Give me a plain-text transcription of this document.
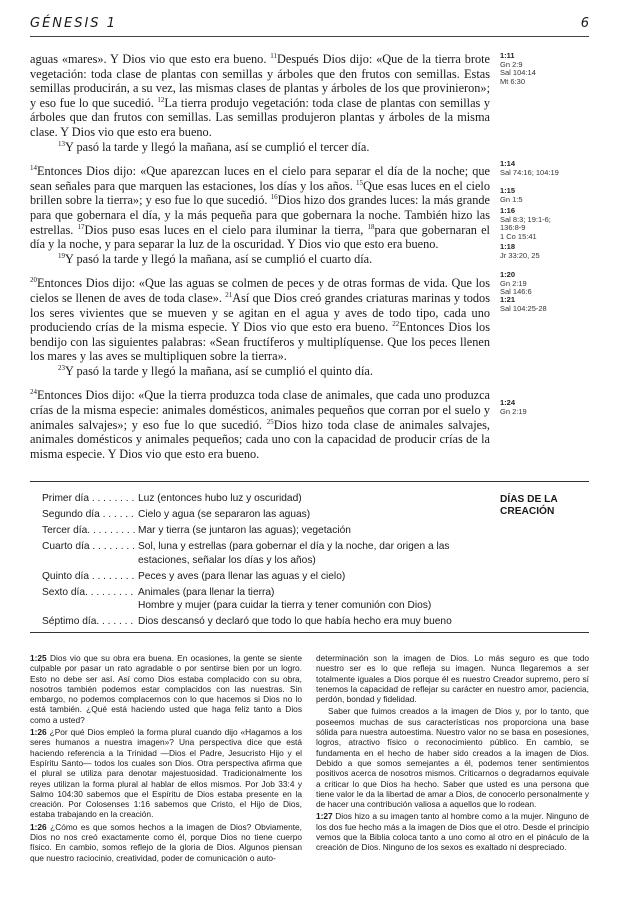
GÉNESIS 1	6

aguas «mares». Y Dios vio que esto era bueno. $^{11}$Después Dios dijo: «Que de la tierra brote vegetación: toda clase de plantas con semillas y árboles que den frutos con semillas. Estas semillas producirán, a su vez, las mismas clases de plantas y árboles de los que provinieron»; y eso fue lo que sucedió. $^{12}$La tierra produjo vegetación: toda clase de plantas con semillas y árboles que dan frutos con semillas. Las semillas produjeron plantas y árboles de la misma clase. Y Dios vio que esto era bueno.

$^{13}$Y pasó la tarde y llegó la mañana, así se cumplió el tercer día.

$^{14}$Entonces Dios dijo: «Que aparezcan luces en el cielo para separar el día de la noche; que sean señales para que marquen las estaciones, los días y los años. $^{15}$Que esas luces en el cielo brillen sobre la tierra»; y eso fue lo que sucedió. $^{16}$Dios hizo dos grandes luces: la más grande para que gobernara el día, y la más pequeña para que gobernara la noche. También hizo las estrellas. $^{17}$Dios puso esas luces en el cielo para iluminar la tierra, $^{18}$para que gobernaran el día y la noche, y para separar la luz de la oscuridad. Y Dios vio que esto era bueno.

$^{19}$Y pasó la tarde y llegó la mañana, así se cumplió el cuarto día.

$^{20}$Entonces Dios dijo: «Que las aguas se colmen de peces y de otras formas de vida. Que los cielos se llenen de aves de toda clase». $^{21}$Así que Dios creó grandes criaturas marinas y todos los seres vivientes que se mueven y se agitan en el agua y aves de todo tipo, cada uno produciendo crías de la misma especie. Y Dios vio que esto era bueno. $^{22}$Entonces Dios los bendijo con las siguientes palabras: «Sean fructíferos y multiplíquense. Que los peces llenen los mares y las aves se multipliquen sobre la tierra».

$^{23}$Y pasó la tarde y llegó la mañana, así se cumplió el quinto día.

$^{24}$Entonces Dios dijo: «Que la tierra produzca toda clase de animales, que cada uno produzca crías de la misma especie: animales domésticos, animales pequeños que corran por el suelo y animales salvajes»; y eso fue lo que sucedió. $^{25}$Dios hizo toda clase de animales salvajes, animales domésticos y animales pequeños; cada uno con la capacidad de producir crías de la misma especie. Y Dios vio que esto era bueno.

1:11
Gn 2:9
Sal 104:14
Mt 6:30
1:14
Sal 74:16; 104:19
1:15
Gn 1:5
1:16
Sal 8:3; 19:1-6;
136:8-9
1 Co 15:41
1:18
Jr 33:20, 25
1:20
Gn 2:19
Sal 146:6
1:21
Sal 104:25-28
1:24
Gn 2:19
Primer día . . . . . . . . Luz (entonces hubo luz y oscuridad)
Segundo día . . . . . . Cielo y agua (se separaron las aguas)
Tercer día. . . . . . . . . Mar y tierra (se juntaron las aguas); vegetación
Cuarto día . . . . . . . . Sol, luna y estrellas (para gobernar el día y la noche, dar origen a las estaciones, señalar los días y los años)
Quinto día . . . . . . . . Peces y aves (para llenar las aguas y el cielo)
Sexto día. . . . . . . . . Animales (para llenar la tierra)
Hombre y mujer (para cuidar la tierra y tener comunión con Dios)
Séptimo día. . . . . . . Dios descansó y declaró que todo lo que había hecho era muy bueno
DÍAS DE LA CREACIÓN

1:25 Dios vio que su obra era buena. En ocasiones, la gente se siente culpable por pasar un rato agradable o por sentirse bien por un logro. Esto no debe ser así. Así como Dios estaba complacido con su obra, nosotros también podemos estar complacidos con las nuestras. Sin embargo, no podemos complacernos con lo que hacemos si Dios no lo está también. ¿Qué está haciendo usted que haga feliz tanto a Dios como a usted?

1:26 ¿Por qué Dios empleó la forma plural cuando dijo «Hagamos a los seres humanos a nuestra imagen»? Una perspectiva dice que está haciendo referencia a la Trinidad —Dios el Padre, Jesucristo Hijo y el Espíritu Santo— todos los cuales son Dios. Otra perspectiva afirma que el plural se utiliza para denotar majestuosidad. Tradicionalmente los reyes utilizan la forma plural al hablar de ellos mismos. Por Job 33:4 y Salmo 104:30 sabemos que el Espíritu de Dios estaba presente en la creación. Por Colosenses 1:16 sabemos que Cristo, el Hijo de Dios, estaba trabajando en la creación.

1:26 ¿Cómo es que somos hechos a la imagen de Dios? Obviamente, Dios no nos creó exactamente como él, porque Dios no tiene cuerpo físico. En cambio, somos reflejo de la gloria de Dios. Algunos piensan que nuestro raciocinio, creatividad, poder de comunicación o auto-

determinación son la imagen de Dios. Lo más seguro es que todo nuestro ser es lo que refleja su imagen. Nunca llegaremos a ser totalmente iguales a Dios porque él es nuestro Creador supremo, pero sí tenemos la capacidad de reflejar su carácter en nuestro amor, paciencia, perdón, bondad y fidelidad.

Saber que fuimos creados a la imagen de Dios y, por lo tanto, que poseemos muchas de sus características nos proporciona una base sólida para nuestra autoestima. Nuestro valor no se basa en posesiones, logros, atractivo físico o reconocimiento público. En cambio, se fundamenta en el hecho de haber sido creados a la imagen de Dios. Debido a que somos semejantes a él, podemos tener sentimientos positivos acerca de nosotros mismos. Criticarnos o degradarnos equivale a criticar lo que Dios ha hecho. Saber que usted es una persona que tiene valor le da la libertad de amar a Dios, de conocerlo personalmente y de hacer una contribución valiosa a aquellos que lo rodean.

1:27 Dios hizo a su imagen tanto al hombre como a la mujer. Ninguno de los dos fue hecho más a la imagen de Dios que el otro. Desde el principio vemos que la Biblia coloca tanto a uno como al otro en el pináculo de la creación de Dios. Ninguno de los sexos es exaltado ni despreciado.
